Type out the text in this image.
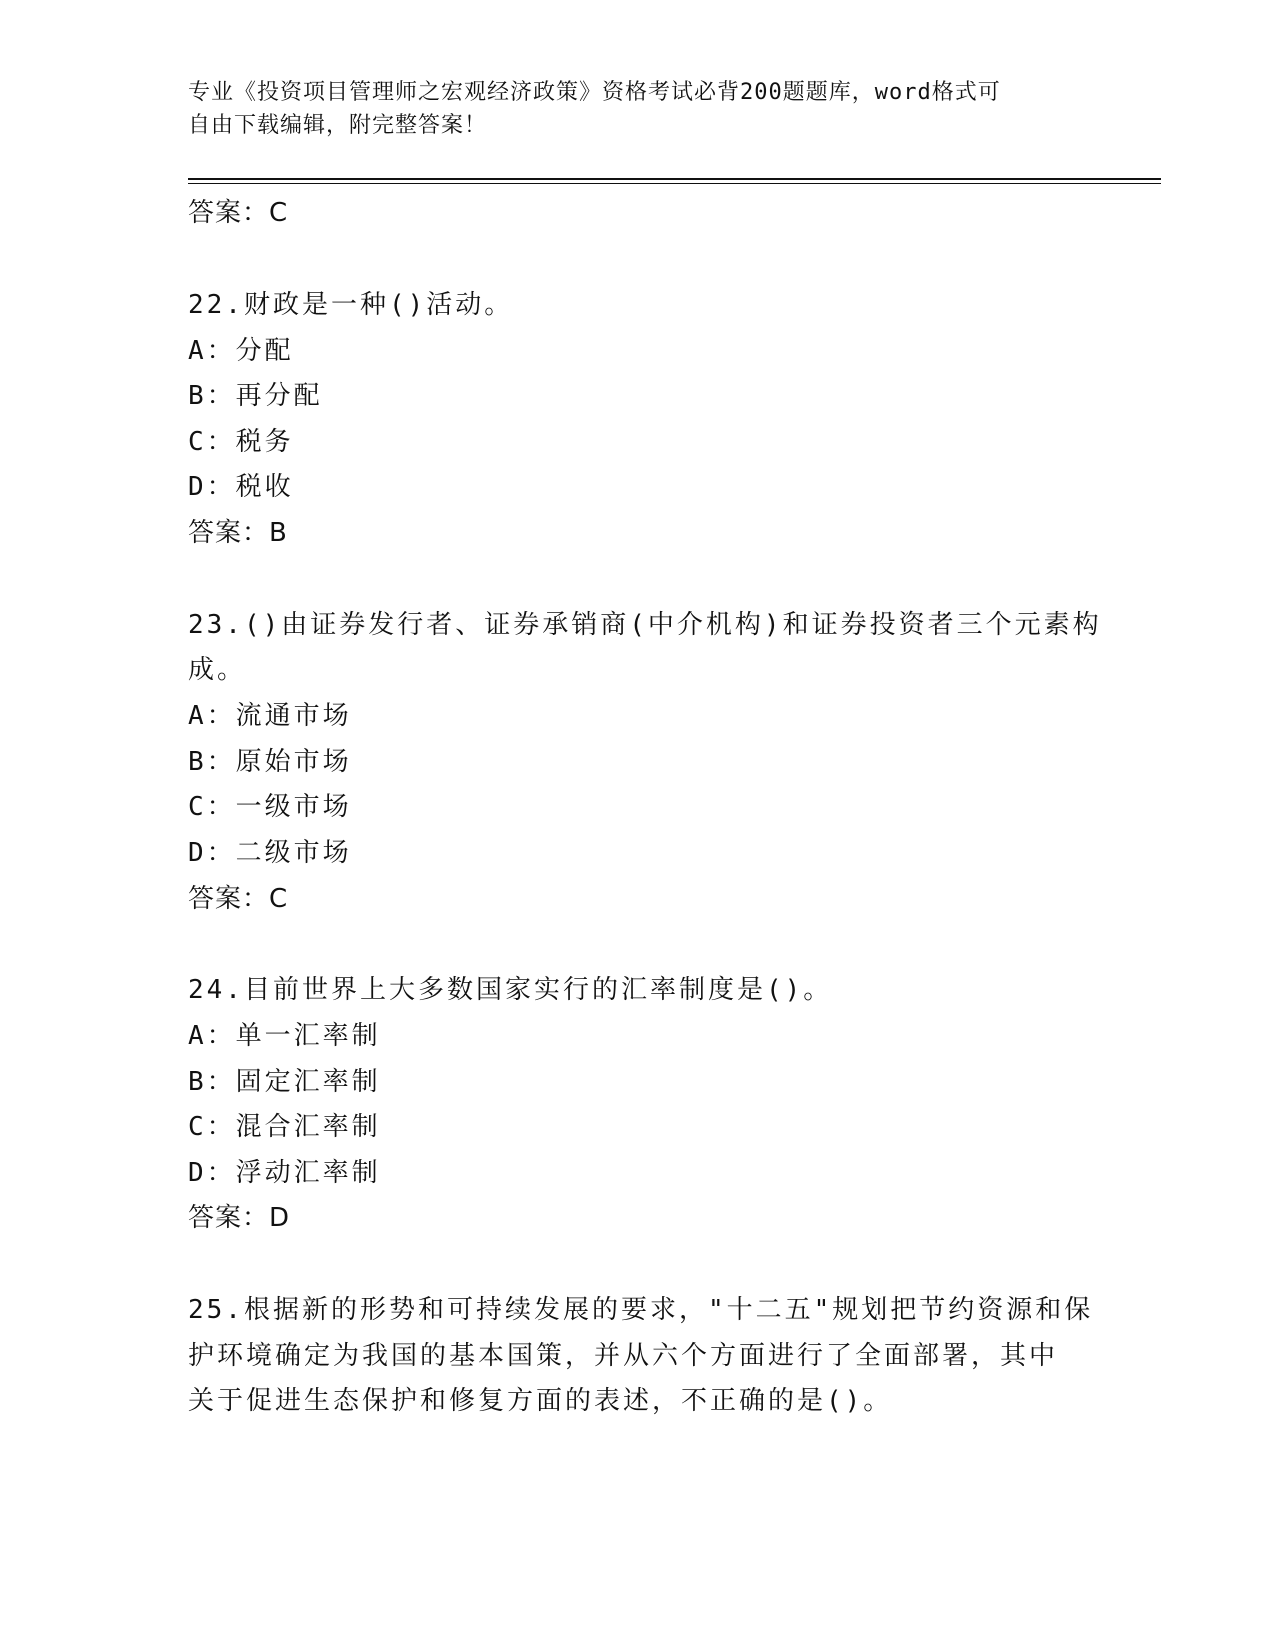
专业《投资项目管理师之宏观经济政策》资格考试必背200题题库，word格式可
自由下载编辑，附完整答案！
答案：C
22.财政是一种()活动。
A：分配
B：再分配
C：税务
D：税收
答案：B
23.()由证券发行者、证券承销商(中介机构)和证券投资者三个元素构
成。
A：流通市场
B：原始市场
C：一级市场
D：二级市场
答案：C
24.目前世界上大多数国家实行的汇率制度是()。
A：单一汇率制
B：固定汇率制
C：混合汇率制
D：浮动汇率制
答案：D
25.根据新的形势和可持续发展的要求，"十二五"规划把节约资源和保
护环境确定为我国的基本国策，并从六个方面进行了全面部署，其中
关于促进生态保护和修复方面的表述，不正确的是()。
